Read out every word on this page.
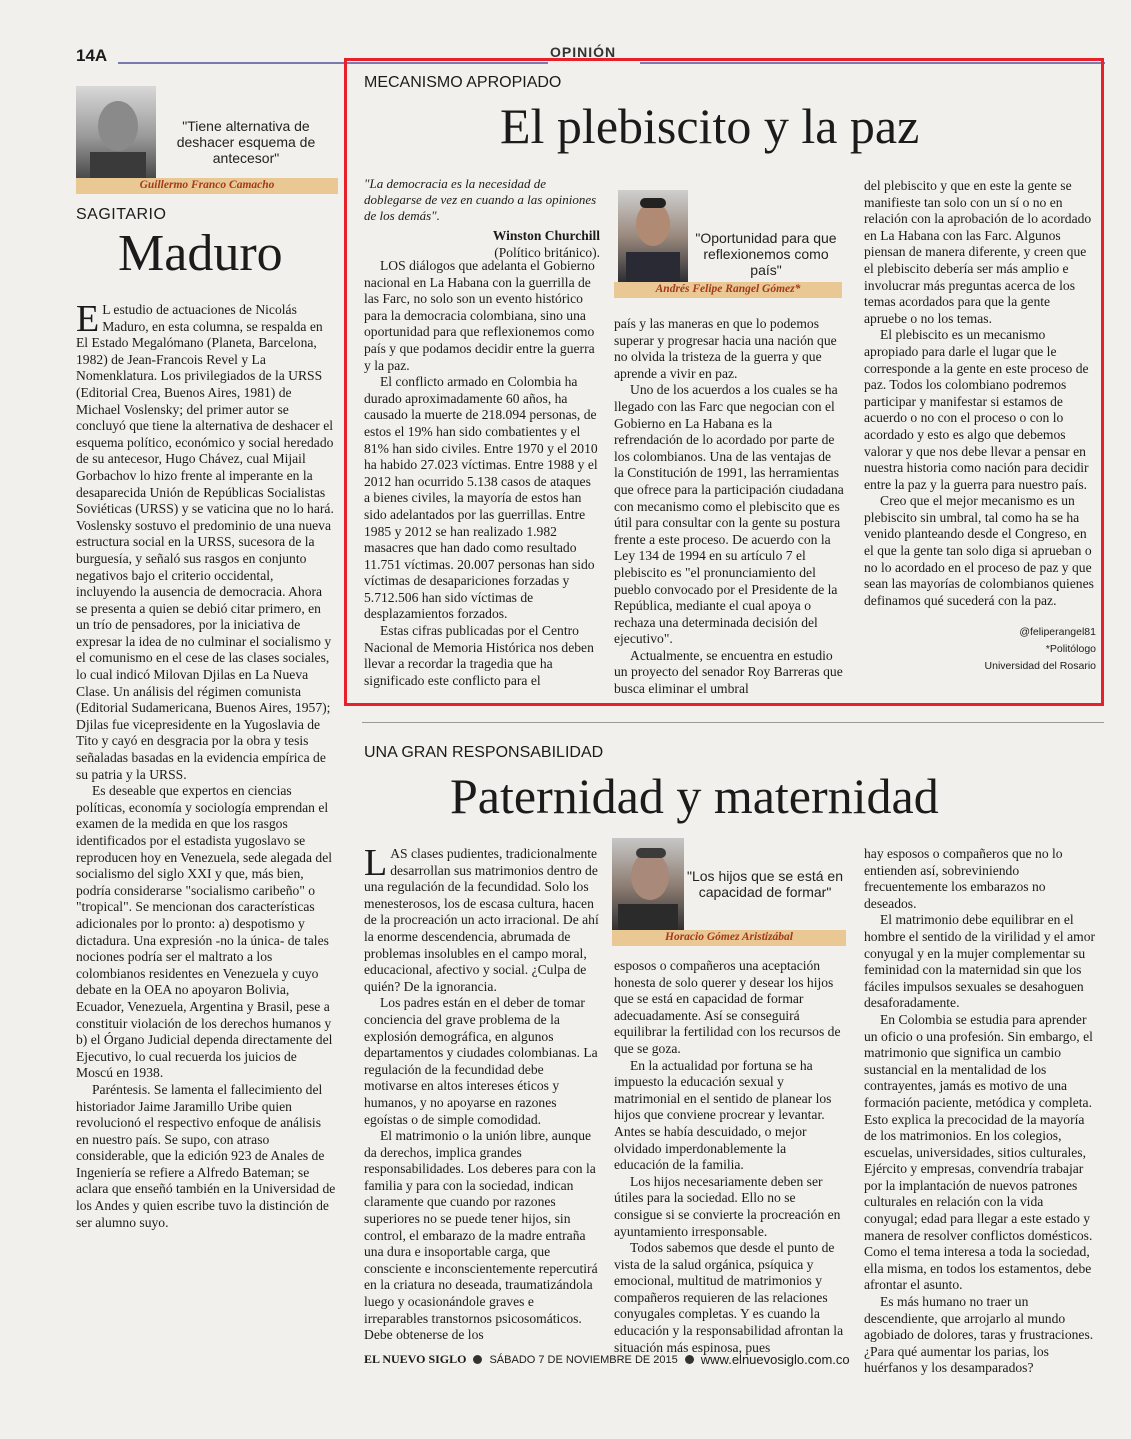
14A	OPINIÓN
"Tiene alternativa de deshacer esquema de antecesor"
Guillermo Franco Camacho
SAGITARIO
Maduro

E L estudio de actuaciones de Nicolás Maduro, en esta columna, se respalda en El Estado Megalómano (Planeta, Barcelona, 1982) de Jean-Francois Revel y La Nomenklatura. Los privilegiados de la URSS (Editorial Crea, Buenos Aires, 1981) de Michael Voslensky; del primer autor se concluyó que tiene la alternativa de deshacer el esquema político, económico y social heredado de su antecesor, Hugo Chávez, cual Mijail Gorbachov lo hizo frente al imperante en la desaparecida Unión de Repúblicas Socialistas Soviéticas (URSS) y se vaticina que no lo hará. Voslensky sostuvo el predominio de una nueva estructura social en la URSS, sucesora de la burguesía, y señaló sus rasgos en conjunto negativos bajo el criterio occidental, incluyendo la ausencia de democracia. Ahora se presenta a quien se debió citar primero, en un trío de pensadores, por la iniciativa de expresar la idea de no culminar el socialismo y el comunismo en el cese de las clases sociales, lo cual indicó Milovan Djilas en La Nueva Clase. Un análisis del régimen comunista (Editorial Sudamericana, Buenos Aires, 1957); Djilas fue vicepresidente en la Yugoslavia de Tito y cayó en desgracia por la obra y tesis señaladas basadas en la evidencia empírica de su patria y la URSS.

Es deseable que expertos en ciencias políticas, economía y sociología emprendan el examen de la medida en que los rasgos identificados por el estadista yugoslavo se reproducen hoy en Venezuela, sede alegada del socialismo del siglo XXI y que, más bien, podría considerarse "socialismo caribeño" o "tropical". Se mencionan dos características adicionales por lo pronto: a) despotismo y dictadura. Una expresión -no la única- de tales nociones podría ser el maltrato a los colombianos residentes en Venezuela y cuyo debate en la OEA no apoyaron Bolivia, Ecuador, Venezuela, Argentina y Brasil, pese a constituir violación de los derechos humanos y b) el Órgano Judicial dependa directamente del Ejecutivo, lo cual recuerda los juicios de Moscú en 1938.

Paréntesis. Se lamenta el fallecimiento del historiador Jaime Jaramillo Uribe quien revolucionó el respectivo enfoque de análisis en nuestro país. Se supo, con atraso considerable, que la edición 923 de Anales de Ingeniería se refiere a Alfredo Bateman; se aclara que enseñó también en la Universidad de los Andes y quien escribe tuvo la distinción de ser alumno suyo.

MECANISMO APROPIADO
El plebiscito y la paz
"La democracia es la necesidad de doblegarse de vez en cuando a las opiniones de los demás".
Winston Churchill
(Político británico).
"Oportunidad para que reflexionemos como país"
Andrés Felipe Rangel Gómez*

LOS diálogos que adelanta el Gobierno nacional en La Habana con la guerrilla de las Farc, no solo son un evento histórico para la democracia colombiana, sino una oportunidad para que reflexionemos como país y que podamos decidir entre la guerra y la paz.

El conflicto armado en Colombia ha durado aproximadamente 60 años, ha causado la muerte de 218.094 personas, de estos el 19% han sido combatientes y el 81% han sido civiles. Entre 1970 y el 2010 ha habido 27.023 víctimas. Entre 1988 y el 2012 han ocurrido 5.138 casos de ataques a bienes civiles, la mayoría de estos han sido adelantados por las guerrillas. Entre 1985 y 2012 se han realizado 1.982 masacres que han dado como resultado 11.751 víctimas. 20.007 personas han sido víctimas de desapariciones forzadas y 5.712.506 han sido víctimas de desplazamientos forzados.

Estas cifras publicadas por el Centro Nacional de Memoria Histórica nos deben llevar a recordar la tragedia que ha significado este conflicto para el

país y las maneras en que lo podemos superar y progresar hacia una nación que no olvida la tristeza de la guerra y que aprende a vivir en paz.

Uno de los acuerdos a los cuales se ha llegado con las Farc que negocian con el Gobierno en La Habana es la refrendación de lo acordado por parte de los colombianos. Una de las ventajas de la Constitución de 1991, las herramientas que ofrece para la participación ciudadana con mecanismo como el plebiscito que es útil para consultar con la gente su postura frente a este proceso. De acuerdo con la Ley 134 de 1994 en su artículo 7 el plebiscito es "el pronunciamiento del pueblo convocado por el Presidente de la República, mediante el cual apoya o rechaza una determinada decisión del ejecutivo".

Actualmente, se encuentra en estudio un proyecto del senador Roy Barreras que busca eliminar el umbral

del plebiscito y que en este la gente se manifieste tan solo con un sí o no en relación con la aprobación de lo acordado en La Habana con las Farc. Algunos piensan de manera diferente, y creen que el plebiscito debería ser más amplio e involucrar más preguntas acerca de los temas acordados para que la gente apruebe o no los temas.

El plebiscito es un mecanismo apropiado para darle el lugar que le corresponde a la gente en este proceso de paz. Todos los colombiano podremos participar y manifestar si estamos de acuerdo o no con el proceso o con lo acordado y esto es algo que debemos valorar y que nos debe llevar a pensar en nuestra historia como nación para decidir entre la paz y la guerra para nuestro país.

Creo que el mejor mecanismo es un plebiscito sin umbral, tal como ha se ha venido planteando desde el Congreso, en el que la gente tan solo diga si aprueban o no lo acordado en el proceso de paz y que sean las mayorías de colombianos quienes definamos qué sucederá con la paz.

@feliperangel81
*Politólogo
Universidad del Rosario
UNA GRAN RESPONSABILIDAD
Paternidad y maternidad
"Los hijos que se está en capacidad de formar"
Horacio Gómez Aristizábal

LAS clases pudientes, tradicionalmente desarrollan sus matrimonios dentro de una regulación de la fecundidad. Solo los menesterosos, los de escasa cultura, hacen de la procreación un acto irracional. De ahí la enorme descendencia, abrumada de problemas insolubles en el campo moral, educacional, afectivo y social. ¿Culpa de quién? De la ignorancia.

Los padres están en el deber de tomar conciencia del grave problema de la explosión demográfica, en algunos departamentos y ciudades colombianas. La regulación de la fecundidad debe motivarse en altos intereses éticos y humanos, y no apoyarse en razones egoístas o de simple comodidad.

El matrimonio o la unión libre, aunque da derechos, implica grandes responsabilidades. Los deberes para con la familia y para con la sociedad, indican claramente que cuando por razones superiores no se puede tener hijos, sin control, el embarazo de la madre entraña una dura e insoportable carga, que consciente e inconscientemente repercutirá en la criatura no deseada, traumatizándola luego y ocasionándole graves e irreparables transtornos psicosomáticos. Debe obtenerse de los

esposos o compañeros una aceptación honesta de solo querer y desear los hijos que se está en capacidad de formar adecuadamente. Así se conseguirá equilibrar la fertilidad con los recursos de que se goza.

En la actualidad por fortuna se ha impuesto la educación sexual y matrimonial en el sentido de planear los hijos que conviene procrear y levantar. Antes se había descuidado, o mejor olvidado imperdonablemente la educación de la familia.

Los hijos necesariamente deben ser útiles para la sociedad. Ello no se consigue si se convierte la procreación en ayuntamiento irresponsable.

Todos sabemos que desde el punto de vista de la salud orgánica, psíquica y emocional, multitud de matrimonios y compañeros requieren de las relaciones conyugales completas. Y es cuando la educación y la responsabilidad afrontan la situación más espinosa, pues

hay esposos o compañeros que no lo entienden así, sobreviniendo frecuentemente los embarazos no deseados.

El matrimonio debe equilibrar en el hombre el sentido de la virilidad y el amor conyugal y en la mujer complementar su feminidad con la maternidad sin que los fáciles impulsos sexuales se desahoguen desaforadamente.

En Colombia se estudia para aprender un oficio o una profesión. Sin embargo, el matrimonio que significa un cambio sustancial en la mentalidad de los contrayentes, jamás es motivo de una formación paciente, metódica y completa. Esto explica la precocidad de la mayoría de los matrimonios. En los colegios, escuelas, universidades, sitios culturales, Ejército y empresas, convendría trabajar por la implantación de nuevos patrones culturales en relación con la vida conyugal; edad para llegar a este estado y manera de resolver conflictos domésticos. Como el tema interesa a toda la sociedad, ella misma, en todos los estamentos, debe afrontar el asunto.

Es más humano no traer un descendiente, que arrojarlo al mundo agobiado de dolores, taras y frustraciones. ¿Para qué aumentar los parias, los huérfanos y los desamparados?

EL NUEVO SIGLO SÁBADO 7 DE NOVIEMBRE DE 2015 www.elnuevosiglo.com.co
